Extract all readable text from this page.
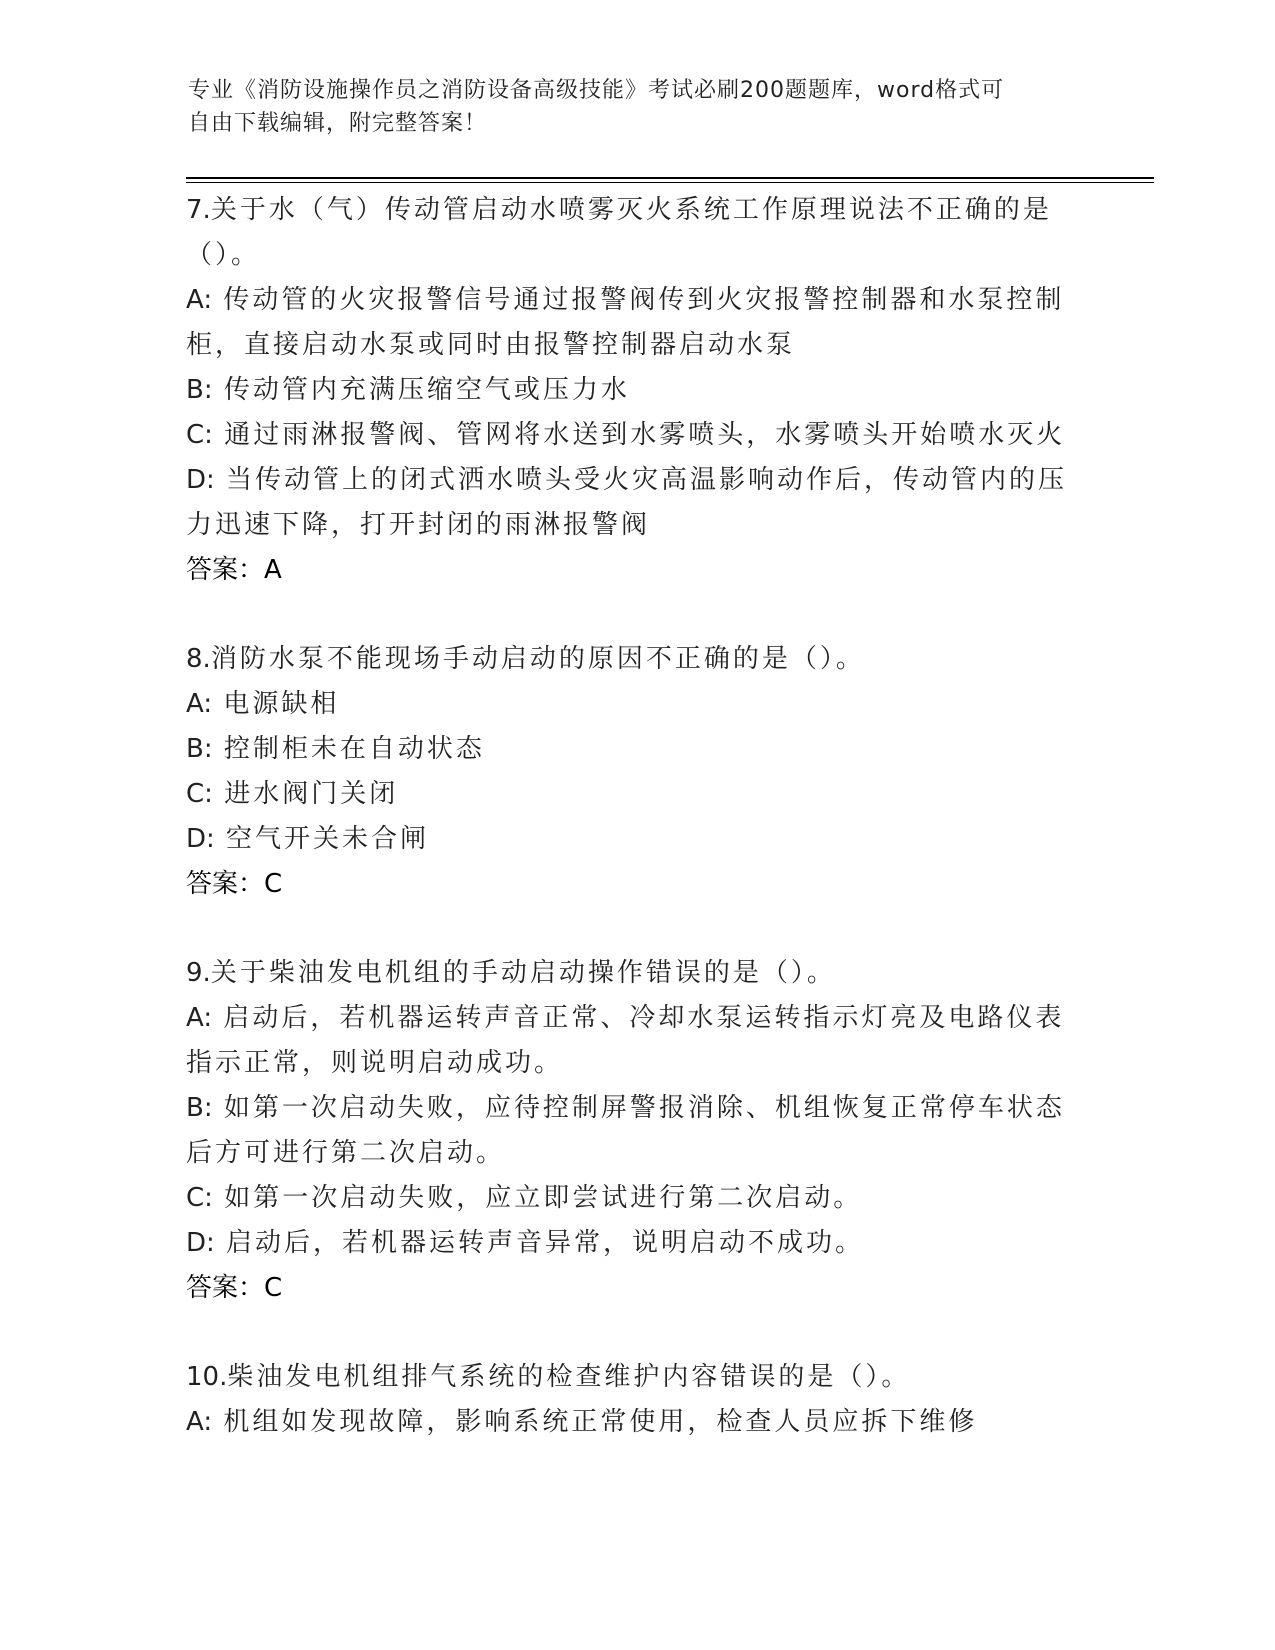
专业《消防设施操作员之消防设备高级技能》考试必刷200题题库，word格式可
自由下载编辑，附完整答案！

7.关于水（气）传动管启动水喷雾灭火系统工作原理说法不正确的是（）。

A: 传动管的火灾报警信号通过报警阀传到火灾报警控制器和水泵控制柜，直接启动水泵或同时由报警控制器启动水泵

B: 传动管内充满压缩空气或压力水

C: 通过雨淋报警阀、管网将水送到水雾喷头，水雾喷头开始喷水灭火

D: 当传动管上的闭式洒水喷头受火灾高温影响动作后，传动管内的压力迅速下降，打开封闭的雨淋报警阀

答案：A

8.消防水泵不能现场手动启动的原因不正确的是（）。

A: 电源缺相

B: 控制柜未在自动状态

C: 进水阀门关闭

D: 空气开关未合闸

答案：C

9.关于柴油发电机组的手动启动操作错误的是（）。

A: 启动后，若机器运转声音正常、冷却水泵运转指示灯亮及电路仪表指示正常，则说明启动成功。

B: 如第一次启动失败，应待控制屏警报消除、机组恢复正常停车状态后方可进行第二次启动。

C: 如第一次启动失败，应立即尝试进行第二次启动。

D: 启动后，若机器运转声音异常，说明启动不成功。

答案：C

10.柴油发电机组排气系统的检查维护内容错误的是（）。

A: 机组如发现故障，影响系统正常使用，检查人员应拆下维修
